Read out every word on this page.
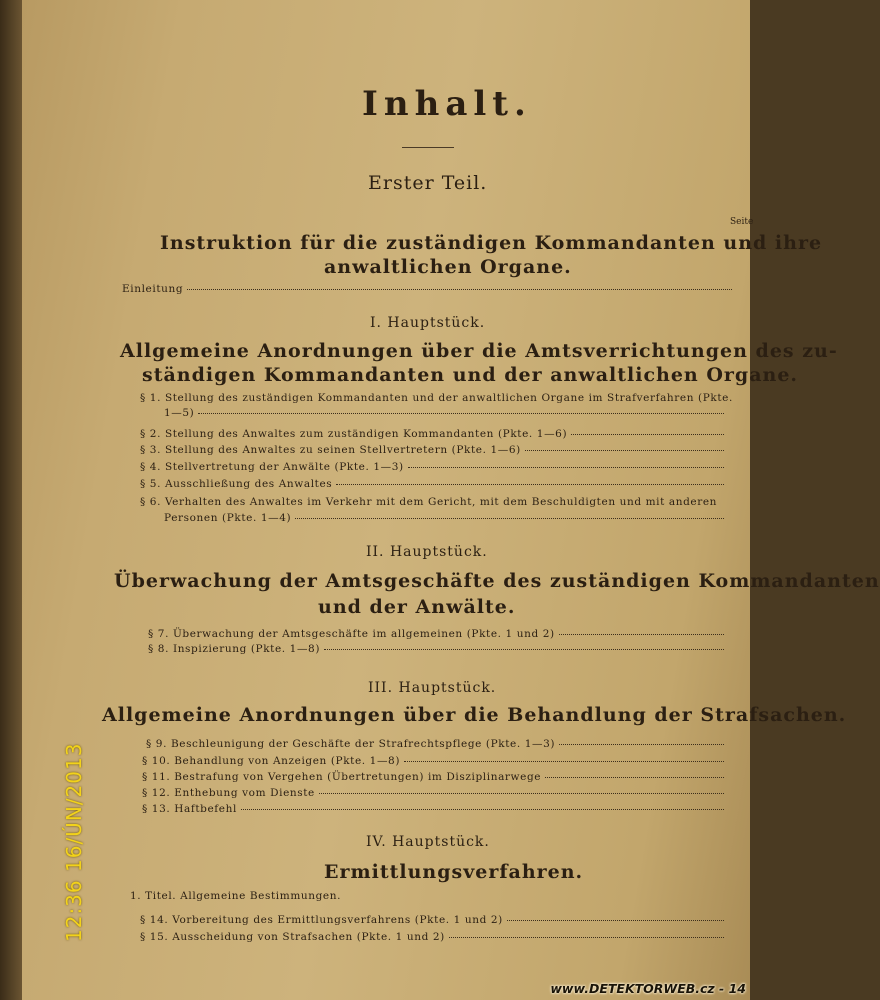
Inhalt.
Erster Teil.
Seite
Instruktion für die zuständigen Kommandanten und ihre
anwaltlichen Organe.
Einleitung
I. Hauptstück.
Allgemeine Anordnungen über die Amtsverrichtungen des zu-
ständigen Kommandanten und der anwaltlichen Organe.
§ 1. Stellung des zuständigen Kommandanten und der anwaltlichen Organe im Strafverfahren (Pkte.
1—5)
§ 2. Stellung des Anwaltes zum zuständigen Kommandanten (Pkte. 1—6)
§ 3. Stellung des Anwaltes zu seinen Stellvertretern (Pkte. 1—6)
§ 4. Stellvertretung der Anwälte (Pkte. 1—3)
§ 5. Ausschließung des Anwaltes
§ 6. Verhalten des Anwaltes im Verkehr mit dem Gericht, mit dem Beschuldigten und mit anderen
Personen (Pkte. 1—4)
II. Hauptstück.
Überwachung der Amtsgeschäfte des zuständigen Kommandanten
und der Anwälte.
§ 7. Überwachung der Amtsgeschäfte im allgemeinen (Pkte. 1 und 2)
§ 8. Inspizierung (Pkte. 1—8)
III. Hauptstück.
Allgemeine Anordnungen über die Behandlung der Strafsachen.
§ 9. Beschleunigung der Geschäfte der Strafrechtspflege (Pkte. 1—3)
§ 10. Behandlung von Anzeigen (Pkte. 1—8)
§ 11. Bestrafung von Vergehen (Übertretungen) im Disziplinarwege
§ 12. Enthebung vom Dienste
§ 13. Haftbefehl
IV. Hauptstück.
Ermittlungsverfahren.
1. Titel. Allgemeine Bestimmungen.
§ 14. Vorbereitung des Ermittlungsverfahrens (Pkte. 1 und 2)
§ 15. Ausscheidung von Strafsachen (Pkte. 1 und 2)
12:36 16/ÚN/2013
www.DETEKTORWEB.cz - 14
